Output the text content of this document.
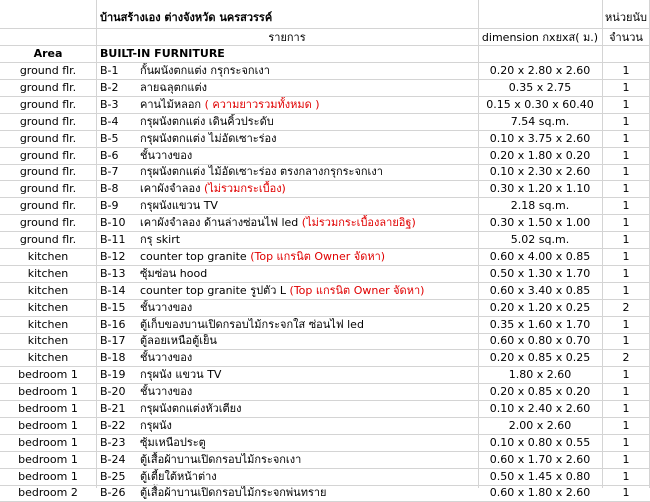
บ้านสร้างเอง ต่างจังหวัด นครสวรรค์	หน่วยนับ
รายการ	dimension กxยxส( ม.)	จำนวน
Area	BUILT-IN FURNITURE
ground flr.	B-1 กั้นผนังตกแต่ง กรุกระจกเงา	0.20 x 2.80 x 2.60	1
ground flr.	B-2 ลายฉลุตกแต่ง	0.35 x 2.75	1
ground flr.	B-3 คานไม้หลอก ( ความยาวรวมทั้งหมด )	0.15 x 0.30 x 60.40	1
ground flr.	B-4 กรุผนังตกแต่ง เดินคิ้วประดับ	7.54 sq.m.	1
ground flr.	B-5 กรุผนังตกแต่ง ไม่อัดเซาะร่อง	0.10 x 3.75 x 2.60	1
ground flr.	B-6 ชั้นวางของ	0.20 x 1.80 x 0.20	1
ground flr.	B-7 กรุผนังตกแต่ง ไม้อัดเซาะร่อง ตรงกลางกรุกระจกเงา	0.10 x 2.30 x 2.60	1
ground flr.	B-8 เคาผังจำลอง (ไม่รวมกระเบื้อง)	0.30 x 1.20 x 1.10	1
ground flr.	B-9 กรุผนังแขวน TV	2.18 sq.m.	1
ground flr.	B-10 เคาผังจำลอง ด้านล่างซ่อนไฟ led (ไม่รวมกระเบื้องลายอิฐ)	0.30 x 1.50 x 1.00	1
ground flr.	B-11 กรุ skirt	5.02 sq.m.	1
kitchen	B-12 counter top granite (Top แกรนิต Owner จัดหา)	0.60 x 4.00 x 0.85	1
kitchen	B-13 ซุ้มซ่อน hood	0.50 x 1.30 x 1.70	1
kitchen	B-14 counter top granite รูปตัว L (Top แกรนิต Owner จัดหา)	0.60 x 3.40 x 0.85	1
kitchen	B-15 ชั้นวางของ	0.20 x 1.20 x 0.25	2
kitchen	B-16 ตู้เก็บของบานเปิดกรอบไม้กระจกใส ซ่อนไฟ led	0.35 x 1.60 x 1.70	1
kitchen	B-17 ตู้ลอยเหนือตู้เย็น	0.60 x 0.80 x 0.70	1
kitchen	B-18 ชั้นวางของ	0.20 x 0.85 x 0.25	2
bedroom 1	B-19 กรุผนัง แขวน TV	1.80 x 2.60	1
bedroom 1	B-20 ชั้นวางของ	0.20 x 0.85 x 0.20	1
bedroom 1	B-21 กรุผนังตกแต่งหัวเตียง	0.10 x 2.40 x 2.60	1
bedroom 1	B-22 กรุผนัง	2.00 x 2.60	1
bedroom 1	B-23 ซุ้มเหนือประตู	0.10 x 0.80 x 0.55	1
bedroom 1	B-24 ตู้เสื้อผ้าบานเปิดกรอบไม้กระจกเงา	0.60 x 1.70 x 2.60	1
bedroom 1	B-25 ตู้เตี้ยใต้หน้าต่าง	0.50 x 1.45 x 0.80	1
bedroom 2	B-26 ตู้เสื้อผ้าบานเปิดกรอบไม้กระจกพ่นทราย	0.60 x 1.80 x 2.60	1
